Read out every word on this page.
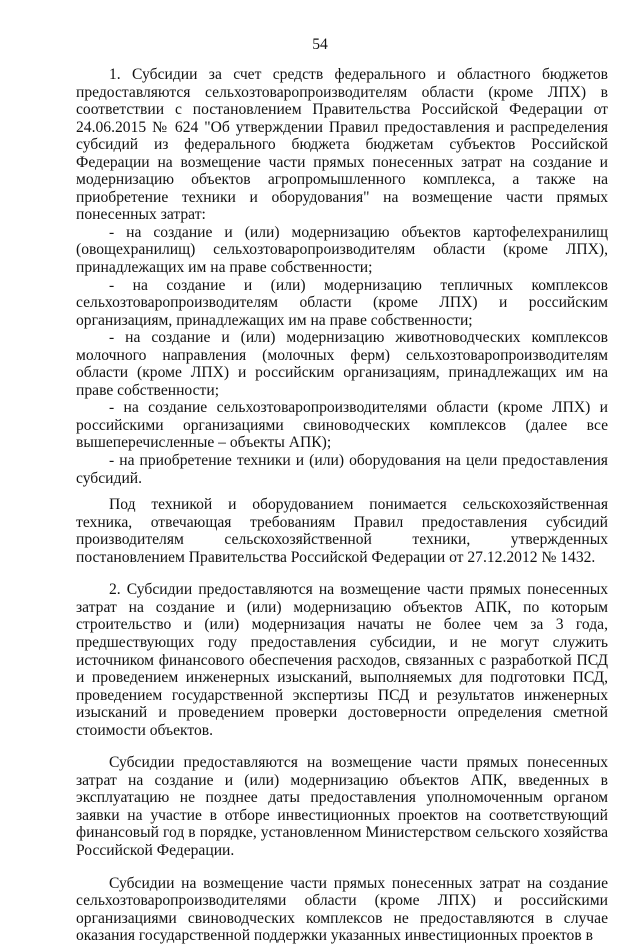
54

1. Субсидии за счет средств федерального и областного бюджетов предоставляются сельхозтоваропроизводителям области (кроме ЛПХ) в соответствии с постановлением Правительства Российской Федерации от 24.06.2015 № 624 "Об утверждении Правил предоставления и распределения субсидий из федерального бюджета бюджетам субъектов Российской Федерации на возмещение части прямых понесенных затрат на создание и модернизацию объектов агропромышленного комплекса, а также на приобретение техники и оборудования" на возмещение части прямых понесенных затрат:

- на создание и (или) модернизацию объектов картофелехранилищ (овощехранилищ) сельхозтоваропроизводителям области (кроме ЛПХ), принадлежащих им на праве собственности;

- на создание и (или) модернизацию тепличных комплексов сельхозтоваропроизводителям области (кроме ЛПХ) и российским организациям, принадлежащих им на праве собственности;

- на создание и (или) модернизацию животноводческих комплексов молочного направления (молочных ферм) сельхозтоваропроизводителям области (кроме ЛПХ) и российским организациям, принадлежащих им на праве собственности;

- на создание сельхозтоваропроизводителями области (кроме ЛПХ) и российскими организациями свиноводческих комплексов (далее все вышеперечисленные – объекты АПК);

- на приобретение техники и (или) оборудования на цели предоставления субсидий.

Под техникой и оборудованием понимается сельскохозяйственная техника, отвечающая требованиям Правил предоставления субсидий производителям сельскохозяйственной техники, утвержденных постановлением Правительства Российской Федерации от 27.12.2012 № 1432.

2. Субсидии предоставляются на возмещение части прямых понесенных затрат на создание и (или) модернизацию объектов АПК, по которым строительство и (или) модернизация начаты не более чем за 3 года, предшествующих году предоставления субсидии, и не могут служить источником финансового обеспечения расходов, связанных с разработкой ПСД и проведением инженерных изысканий, выполняемых для подготовки ПСД, проведением государственной экспертизы ПСД и результатов инженерных изысканий и проведением проверки достоверности определения сметной стоимости объектов.

Субсидии предоставляются на возмещение части прямых понесенных затрат на создание и (или) модернизацию объектов АПК, введенных в эксплуатацию не позднее даты предоставления уполномоченным органом заявки на участие в отборе инвестиционных проектов на соответствующий финансовый год в порядке, установленном Министерством сельского хозяйства Российской Федерации.

Субсидии на возмещение части прямых понесенных затрат на создание сельхозтоваропроизводителями области (кроме ЛПХ) и российскими организациями свиноводческих комплексов не предоставляются в случае оказания государственной поддержки указанных инвестиционных проектов в
